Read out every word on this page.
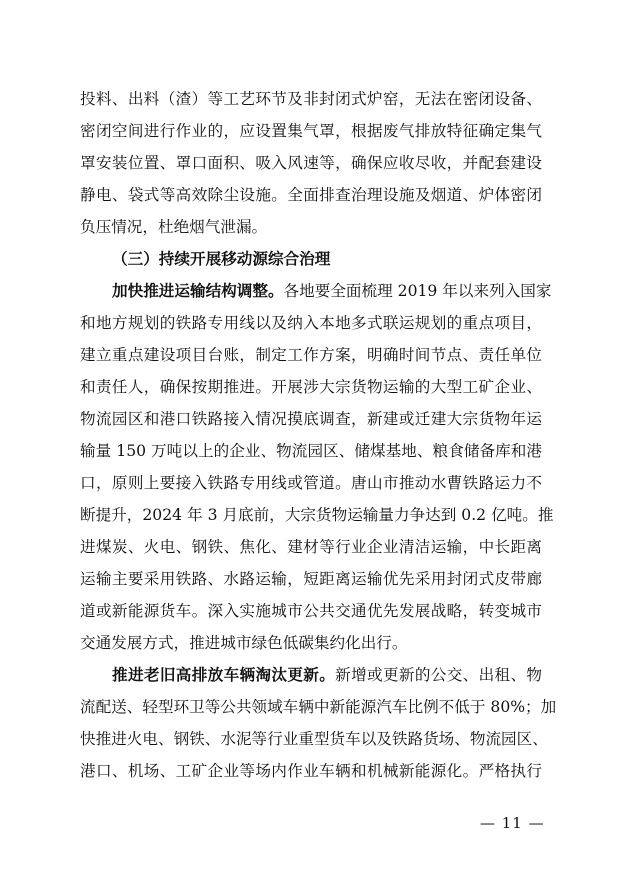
投料、出料（渣）等工艺环节及非封闭式炉窑，无法在密闭设备、
密闭空间进行作业的，应设置集气罩，根据废气排放特征确定集气
罩安装位置、罩口面积、吸入风速等，确保应收尽收，并配套建设
静电、袋式等高效除尘设施。全面排查治理设施及烟道、炉体密闭
负压情况，杜绝烟气泄漏。
（三）持续开展移动源综合治理
加快推进运输结构调整。各地要全面梳理 2019 年以来列入国家
和地方规划的铁路专用线以及纳入本地多式联运规划的重点项目，
建立重点建设项目台账，制定工作方案，明确时间节点、责任单位
和责任人，确保按期推进。开展涉大宗货物运输的大型工矿企业、
物流园区和港口铁路接入情况摸底调查，新建或迁建大宗货物年运
输量 150 万吨以上的企业、物流园区、储煤基地、粮食储备库和港
口，原则上要接入铁路专用线或管道。唐山市推动水曹铁路运力不
断提升，2024 年 3 月底前，大宗货物运输量力争达到 0.2 亿吨。推
进煤炭、火电、钢铁、焦化、建材等行业企业清洁运输，中长距离
运输主要采用铁路、水路运输，短距离运输优先采用封闭式皮带廊
道或新能源货车。深入实施城市公共交通优先发展战略，转变城市
交通发展方式，推进城市绿色低碳集约化出行。
推进老旧高排放车辆淘汰更新。新增或更新的公交、出租、物
流配送、轻型环卫等公共领域车辆中新能源汽车比例不低于 80%；加
快推进火电、钢铁、水泥等行业重型货车以及铁路货场、物流园区、
港口、机场、工矿企业等场内作业车辆和机械新能源化。严格执行
— 11 —
